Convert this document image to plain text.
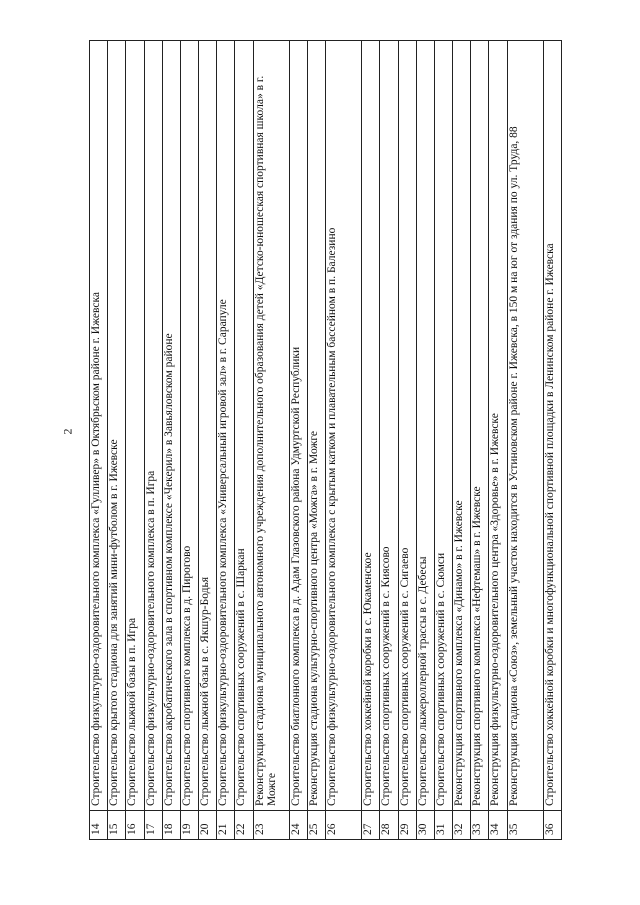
2
14	Строительство физкультурно-оздоровительного комплекса «Гулливер» в Октябрьском районе г. Ижевска
15	Строительство крытого стадиона для занятий мини-футболом в г. Ижевске
16	Строительство лыжной базы в п. Игра
17	Строительство физкультурно-оздоровительного комплекса в п. Игра
18	Строительство акробатического зала в спортивном комплексе «Чекерил» в Завьяловском районе
19	Строительство спортивного комплекса в д. Пирогово
20	Строительство лыжной базы в с. Якшур-Бодья
21	Строительство физкультурно-оздоровительного комплекса «Универсальный игровой зал» в г. Сарапуле
22	Строительство спортивных сооружений в с. Шаркан
23	Реконструкция стадиона муниципального автономного учреждения дополнительного образования детей «Детско-юношеская спортивная школа» в г. Можге
24	Строительство биатлонного комплекса в д. Адам Глазовского района Удмуртской Республики
25	Реконструкция стадиона культурно-спортивного центра «Можга» в г. Можге
26	Строительство физкультурно-оздоровительного комплекса с крытым катком и плавательным бассейном в п. Балезино
27	Строительство хоккейной коробки в с. Юкаменское
28	Строительство спортивных сооружений в с. Киясово
29	Строительство спортивных сооружений в с. Сигаево
30	Строительство лыжероллерной трассы в с. Дебесы
31	Строительство спортивных сооружений в с. Сюмси
32	Реконструкция спортивного комплекса «Динамо» в г. Ижевске
33	Реконструкция спортивного комплекса «Нефтемаш» в г. Ижевске
34	Реконструкция физкультурно-оздоровительного центра «Здоровье» в г. Ижевске
35	Реконструкция стадиона «Союз», земельный участок находится в Устиновском районе г. Ижевска, в 150 м на юг от здания по ул. Труда, 88
36	Строительство хоккейной коробки и многофункциональной спортивной площадки в Ленинском районе г. Ижевска
